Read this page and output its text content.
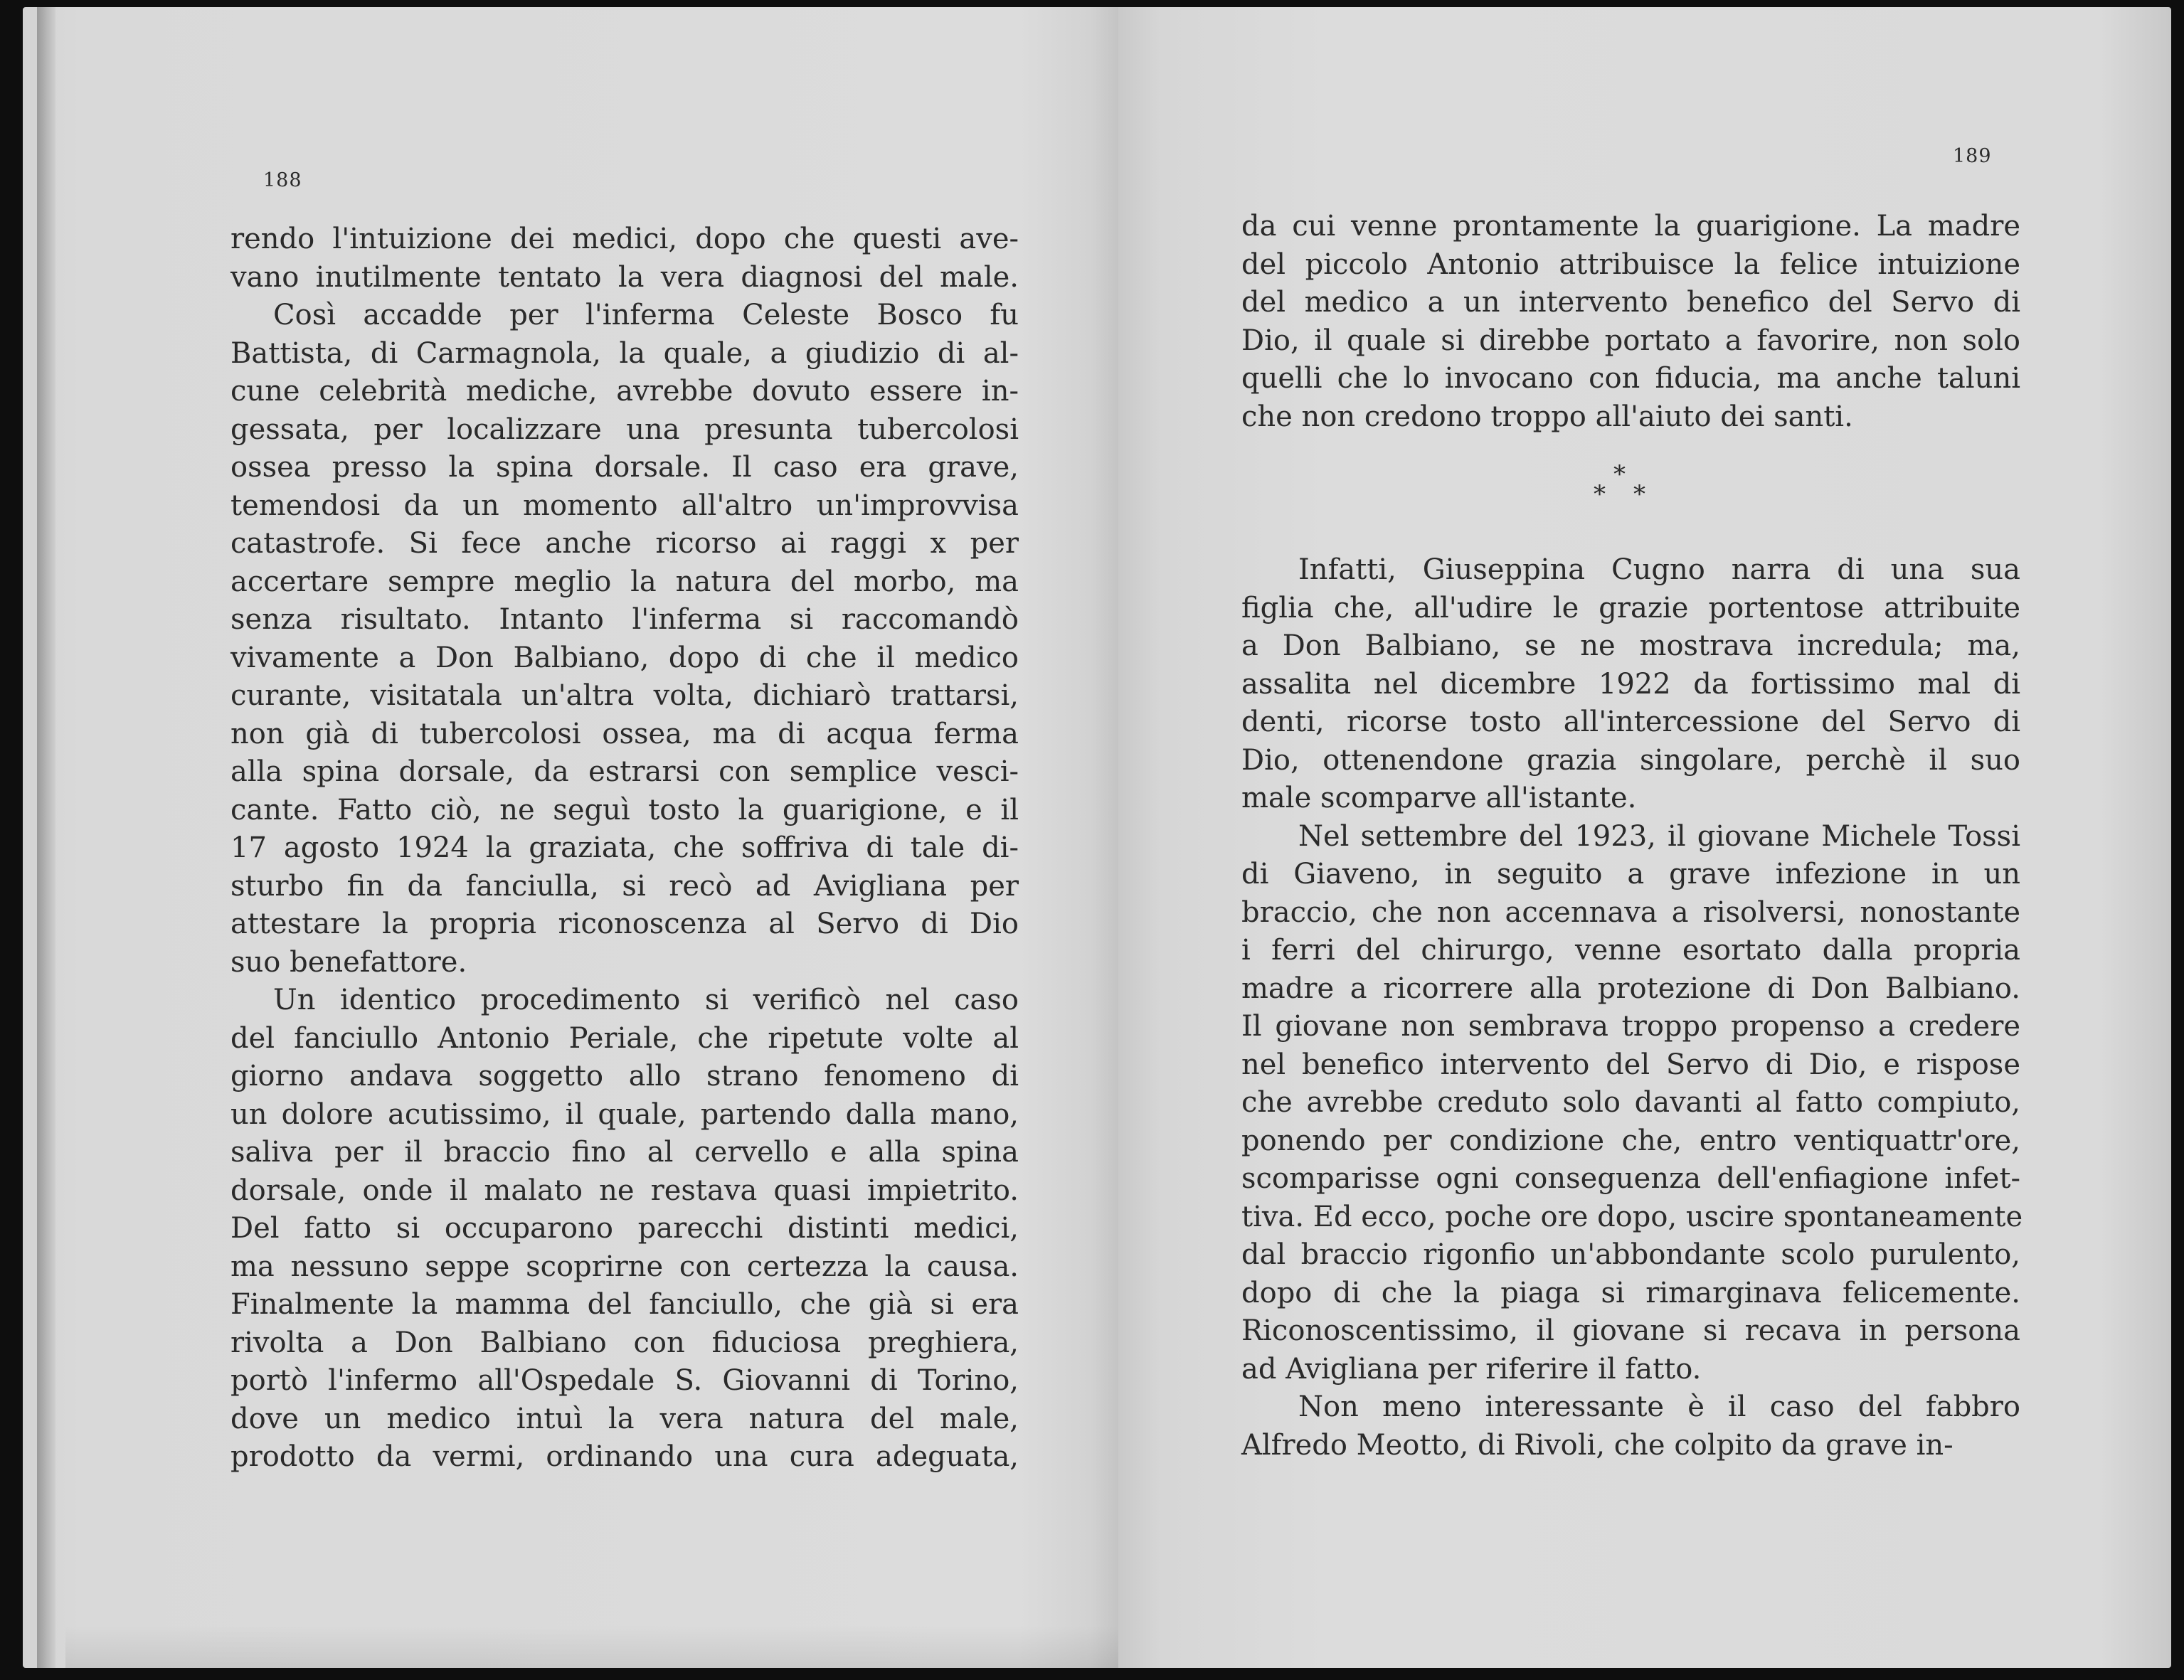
188
rendo l'intuizione dei medici, dopo che questi ave-
vano inutilmente tentato la vera diagnosi del male.
Così accadde per l'inferma Celeste Bosco fu
Battista, di Carmagnola, la quale, a giudizio di al-
cune celebrità mediche, avrebbe dovuto essere in-
gessata, per localizzare una presunta tubercolosi
ossea presso la spina dorsale. Il caso era grave,
temendosi da un momento all'altro un'improvvisa
catastrofe. Si fece anche ricorso ai raggi x per
accertare sempre meglio la natura del morbo, ma
senza risultato. Intanto l'inferma si raccomandò
vivamente a Don Balbiano, dopo di che il medico
curante, visitatala un'altra volta, dichiarò trattarsi,
non già di tubercolosi ossea, ma di acqua ferma
alla spina dorsale, da estrarsi con semplice vesci-
cante. Fatto ciò, ne seguì tosto la guarigione, e il
17 agosto 1924 la graziata, che soffriva di tale di-
sturbo fin da fanciulla, si recò ad Avigliana per
attestare la propria riconoscenza al Servo di Dio
suo benefattore.
Un identico procedimento si verificò nel caso
del fanciullo Antonio Periale, che ripetute volte al
giorno andava soggetto allo strano fenomeno di
un dolore acutissimo, il quale, partendo dalla mano,
saliva per il braccio fino al cervello e alla spina
dorsale, onde il malato ne restava quasi impietrito.
Del fatto si occuparono parecchi distinti medici,
ma nessuno seppe scoprirne con certezza la causa.
Finalmente la mamma del fanciullo, che già si era
rivolta a Don Balbiano con fiduciosa preghiera,
portò l'infermo all'Ospedale S. Giovanni di Torino,
dove un medico intuì la vera natura del male,
prodotto da vermi, ordinando una cura adeguata,
189
da cui venne prontamente la guarigione. La madre
del piccolo Antonio attribuisce la felice intuizione
del medico a un intervento benefico del Servo di
Dio, il quale si direbbe portato a favorire, non solo
quelli che lo invocano con fiducia, ma anche taluni
che non credono troppo all'aiuto dei santi.
*
* *
Infatti, Giuseppina Cugno narra di una sua
figlia che, all'udire le grazie portentose attribuite
a Don Balbiano, se ne mostrava incredula; ma,
assalita nel dicembre 1922 da fortissimo mal di
denti, ricorse tosto all'intercessione del Servo di
Dio, ottenendone grazia singolare, perchè il suo
male scomparve all'istante.
Nel settembre del 1923, il giovane Michele Tossi
di Giaveno, in seguito a grave infezione in un
braccio, che non accennava a risolversi, nonostante
i ferri del chirurgo, venne esortato dalla propria
madre a ricorrere alla protezione di Don Balbiano.
Il giovane non sembrava troppo propenso a credere
nel benefico intervento del Servo di Dio, e rispose
che avrebbe creduto solo davanti al fatto compiuto,
ponendo per condizione che, entro ventiquattr'ore,
scomparisse ogni conseguenza dell'enfiagione infet-
tiva. Ed ecco, poche ore dopo, uscire spontaneamente
dal braccio rigonfio un'abbondante scolo purulento,
dopo di che la piaga si rimarginava felicemente.
Riconoscentissimo, il giovane si recava in persona
ad Avigliana per riferire il fatto.
Non meno interessante è il caso del fabbro
Alfredo Meotto, di Rivoli, che colpito da grave in-
